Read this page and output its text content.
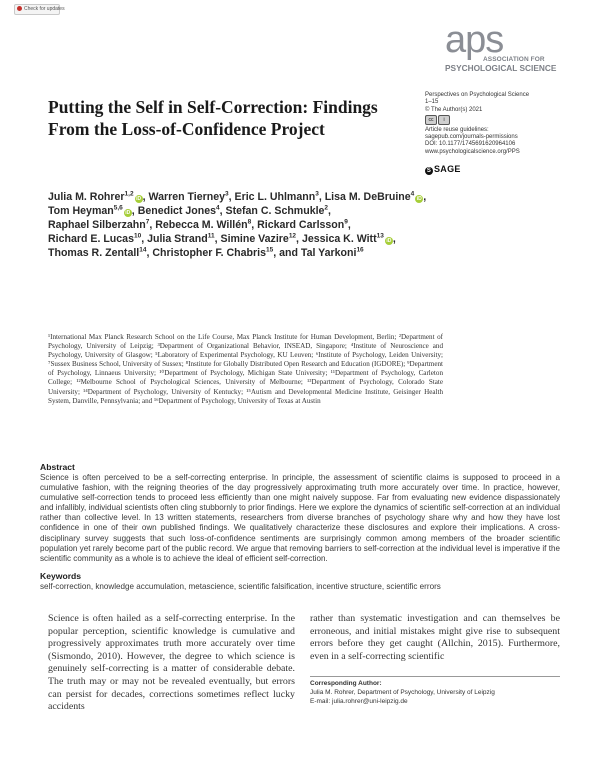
Check for updates
aps
ASSOCIATION FOR
PSYCHOLOGICAL SCIENCE
Perspectives on Psychological Science
1–15
© The Author(s) 2021
cc	i
Article reuse guidelines:
sagepub.com/journals-permissions
DOI: 10.1177/1745691620964106
www.psychologicalscience.org/PPS
S SAGE
Putting the Self in Self-Correction: Findings From the Loss-of-Confidence Project
Julia M. Rohrer$^{1,2}$iD , Warren Tierney$^3$, Eric L. Uhlmann$^3$, Lisa M. DeBruine$^4$iD , Tom Heyman$^{5,6}$iD , Benedict Jones$^4$, Stefan C. Schmukle$^2$, Raphael Silberzahn$^7$, Rebecca M. Willén$^8$, Rickard Carlsson$^9$, Richard E. Lucas$^{10}$, Julia Strand$^{11}$, Simine Vazire$^{12}$, Jessica K. Witt$^{13}$iD , Thomas R. Zentall$^{14}$, Christopher F. Chabris$^{15}$, and Tal Yarkoni$^{16}$
¹International Max Planck Research School on the Life Course, Max Planck Institute for Human Development, Berlin; ²Department of Psychology, University of Leipzig; ³Department of Organizational Behavior, INSEAD, Singapore; ⁴Institute of Neuroscience and Psychology, University of Glasgow; ⁵Laboratory of Experimental Psychology, KU Leuven; ⁶Institute of Psychology, Leiden University; ⁷Sussex Business School, University of Sussex; ⁸Institute for Globally Distributed Open Research and Education (IGDORE); ⁹Department of Psychology, Linnaeus University; ¹⁰Department of Psychology, Michigan State University; ¹¹Department of Psychology, Carleton College; ¹²Melbourne School of Psychological Sciences, University of Melbourne; ¹³Department of Psychology, Colorado State University; ¹⁴Department of Psychology, University of Kentucky; ¹⁵Autism and Developmental Medicine Institute, Geisinger Health System, Danville, Pennsylvania; and ¹⁶Department of Psychology, University of Texas at Austin
Abstract

Science is often perceived to be a self-correcting enterprise. In principle, the assessment of scientific claims is supposed to proceed in a cumulative fashion, with the reigning theories of the day progressively approximating truth more accurately over time. In practice, however, cumulative self-correction tends to proceed less efficiently than one might naively suppose. Far from evaluating new evidence dispassionately and infallibly, individual scientists often cling stubbornly to prior findings. Here we explore the dynamics of scientific self-correction at an individual rather than collective level. In 13 written statements, researchers from diverse branches of psychology share why and how they have lost confidence in one of their own published findings. We qualitatively characterize these disclosures and explore their implications. A cross-disciplinary survey suggests that such loss-of-confidence sentiments are surprisingly common among members of the broader scientific population yet rarely become part of the public record. We argue that removing barriers to self-correction at the individual level is imperative if the scientific community as a whole is to achieve the ideal of efficient self-correction.

Keywords

self-correction, knowledge accumulation, metascience, scientific falsification, incentive structure, scientific errors

Science is often hailed as a self-correcting enterprise. In the popular perception, scientific knowledge is cumulative and progressively approximates truth more accurately over time (Sismondo, 2010). However, the degree to which science is genuinely self-correcting is a matter of considerable debate. The truth may or may not be revealed eventually, but errors can persist for decades, corrections sometimes reflect lucky accidents

rather than systematic investigation and can themselves be erroneous, and initial mistakes might give rise to subsequent errors before they get caught (Allchin, 2015). Furthermore, even in a self-correcting scientific

Corresponding Author:
Julia M. Rohrer, Department of Psychology, University of Leipzig
E-mail: julia.rohrer@uni-leipzig.de
